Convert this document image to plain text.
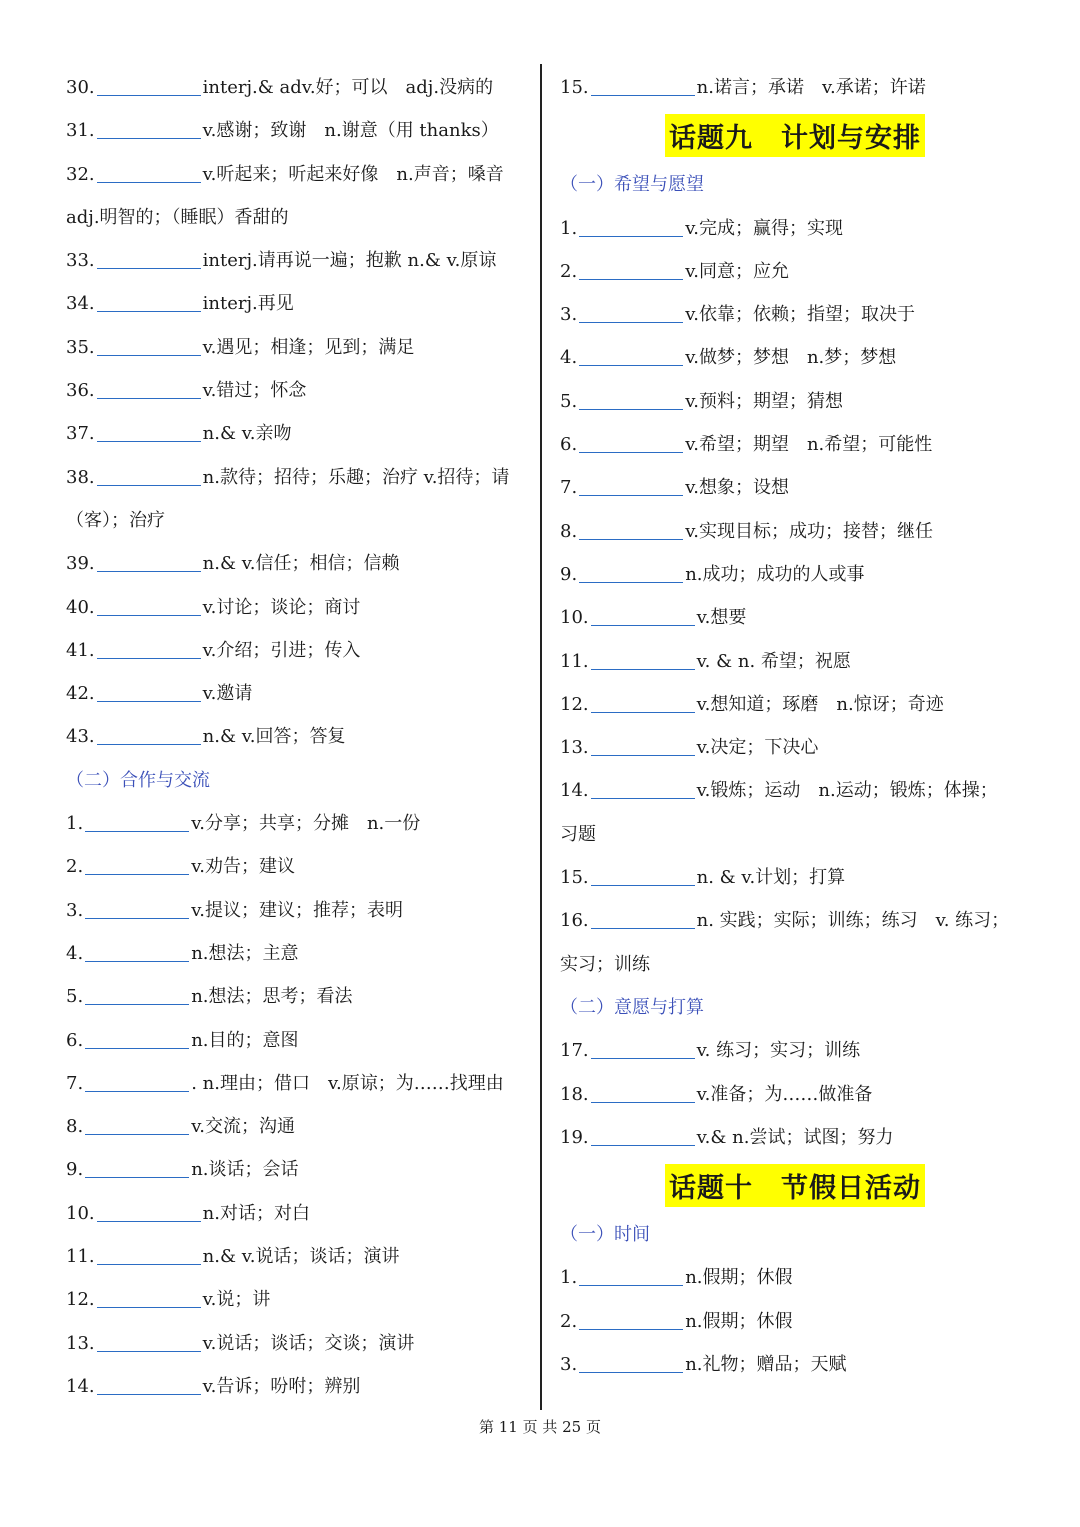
30.	interj.& adv.好；可以　adj.没病的
31.	v.感谢；致谢　n.谢意（用 thanks）
32.	v.听起来；听起来好像　n.声音；嗓音
adj.明智的；（睡眠）香甜的
33.	interj.请再说一遍；抱歉 n.& v.原谅
34.	interj.再见
35.	v.遇见；相逢；见到；满足
36.	v.错过；怀念
37.	n.& v.亲吻
38.	n.款待；招待；乐趣；治疗 v.招待；请
（客）；治疗
39.	n.& v.信任；相信；信赖
40.	v.讨论；谈论；商讨
41.	v.介绍；引进；传入
42.	v.邀请
43.	n.& v.回答；答复
（二）合作与交流
1.	v.分享；共享；分摊　n.一份
2.	v.劝告；建议
3.	v.提议；建议；推荐；表明
4.	n.想法；主意
5.	n.想法；思考；看法
6.	n.目的；意图
7.	. n.理由；借口　v.原谅；为……找理由
8.	v.交流；沟通
9.	n.谈话；会话
10.	n.对话；对白
11.	n.& v.说话；谈话；演讲
12.	v.说；讲
13.	v.说话；谈话；交谈；演讲
14.	v.告诉；吩咐；辨别
15.	n.诺言；承诺　v.承诺；许诺
话题九　计划与安排
（一）希望与愿望
1.	v.完成；赢得；实现
2.	v.同意；应允
3.	v.依靠；依赖；指望；取决于
4.	v.做梦；梦想　n.梦；梦想
5.	v.预料；期望；猜想
6.	v.希望；期望　n.希望；可能性
7.	v.想象；设想
8.	v.实现目标；成功；接替；继任
9.	n.成功；成功的人或事
10.	v.想要
11.	v. & n. 希望；祝愿
12.	v.想知道；琢磨　n.惊讶；奇迹
13.	v.决定；下决心
14.	v.锻炼；运动　n.运动；锻炼；体操；
习题
15.	n. & v.计划；打算
16.	n. 实践；实际；训练；练习　v. 练习；
实习；训练
（二）意愿与打算
17.	v. 练习；实习；训练
18.	v.准备；为……做准备
19.	v.& n.尝试；试图；努力
话题十　节假日活动
（一）时间
1.	n.假期；休假
2.	n.假期；休假
3.	n.礼物；赠品；天赋
第 11 页 共 25 页
